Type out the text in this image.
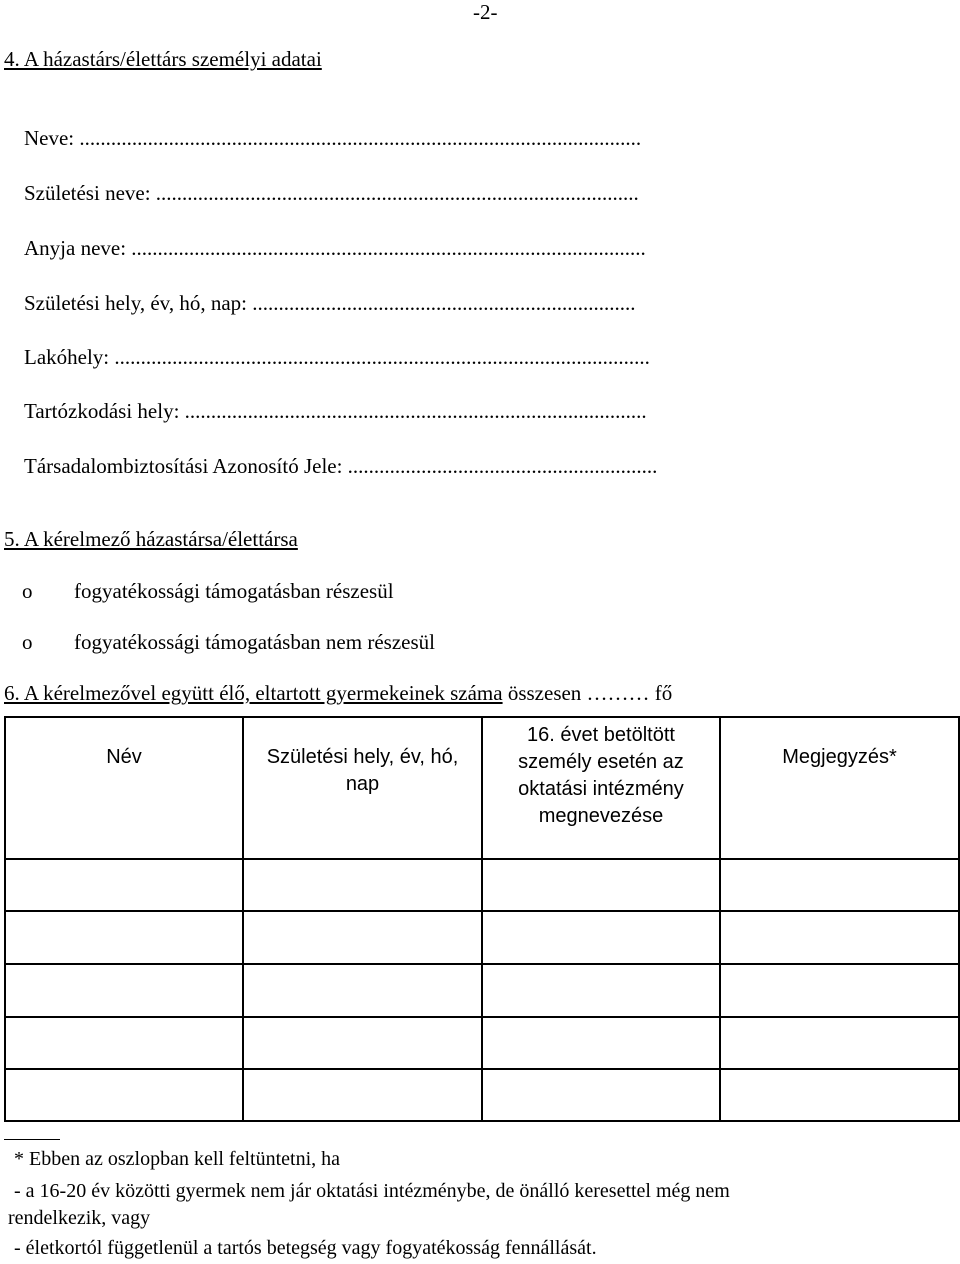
-2-
4. A házastárs/élettárs személyi adatai
Neve: ...........................................................................................................
Születési neve: ............................................................................................
Anyja neve: ..................................................................................................
Születési hely, év, hó, nap: .........................................................................
Lakóhely: ......................................................................................................
Tartózkodási hely: ........................................................................................
Társadalombiztosítási Azonosító Jele: ...........................................................
5. A kérelmező házastársa/élettársa
o fogyatékossági támogatásban részesül
o fogyatékossági támogatásban nem részesül
6. A kérelmezővel együtt élő, eltartott gyermekeinek száma összesen ……… fő
Név	Születési hely, év, hó, nap	16. évet betöltött személy esetén az oktatási intézmény megnevezése	Megjegyzés*

* Ebben az oszlopban kell feltüntetni, ha
- a 16-20 év közötti gyermek nem jár oktatási intézménybe, de önálló keresettel még nem
rendelkezik, vagy
- életkortól függetlenül a tartós betegség vagy fogyatékosság fennállását.
